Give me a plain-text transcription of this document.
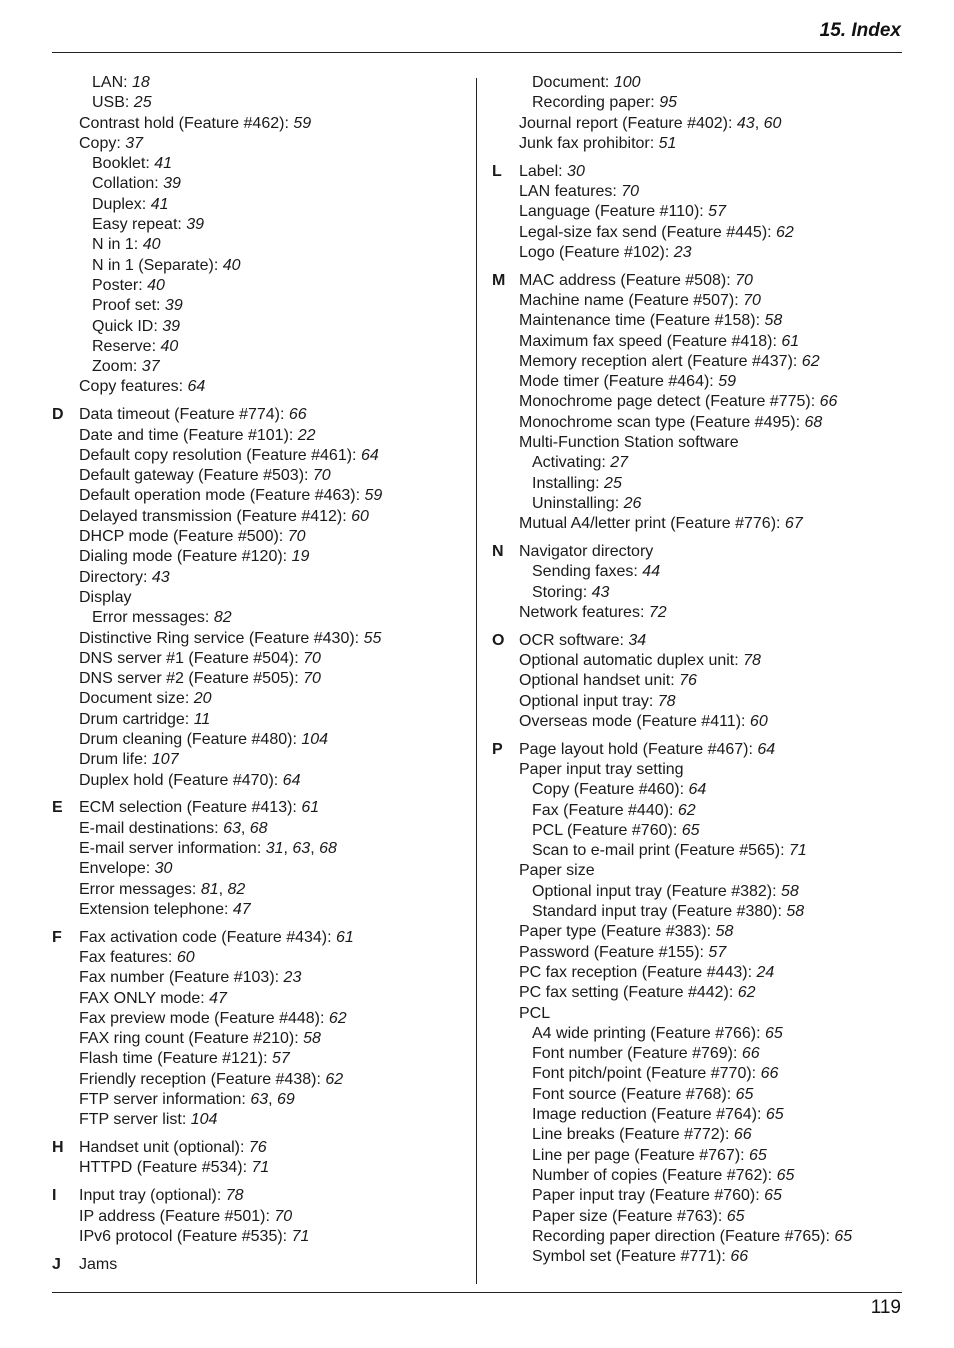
15. Index
LAN: 18
USB: 25
Contrast hold (Feature #462): 59
Copy: 37
Booklet: 41
Collation: 39
Duplex: 41
Easy repeat: 39
N in 1: 40
N in 1 (Separate): 40
Poster: 40
Proof set: 39
Quick ID: 39
Reserve: 40
Zoom: 37
Copy features: 64
D Data timeout (Feature #774): 66
Date and time (Feature #101): 22
Default copy resolution (Feature #461): 64
Default gateway (Feature #503): 70
Default operation mode (Feature #463): 59
Delayed transmission (Feature #412): 60
DHCP mode (Feature #500): 70
Dialing mode (Feature #120): 19
Directory: 43
Display
Error messages: 82
Distinctive Ring service (Feature #430): 55
DNS server #1 (Feature #504): 70
DNS server #2 (Feature #505): 70
Document size: 20
Drum cartridge: 11
Drum cleaning (Feature #480): 104
Drum life: 107
Duplex hold (Feature #470): 64
E ECM selection (Feature #413): 61
E-mail destinations: 63, 68
E-mail server information: 31, 63, 68
Envelope: 30
Error messages: 81, 82
Extension telephone: 47
F Fax activation code (Feature #434): 61
Fax features: 60
Fax number (Feature #103): 23
FAX ONLY mode: 47
Fax preview mode (Feature #448): 62
FAX ring count (Feature #210): 58
Flash time (Feature #121): 57
Friendly reception (Feature #438): 62
FTP server information: 63, 69
FTP server list: 104
H Handset unit (optional): 76
HTTPD (Feature #534): 71
I Input tray (optional): 78
IP address (Feature #501): 70
IPv6 protocol (Feature #535): 71
J Jams
Document: 100
Recording paper: 95
Journal report (Feature #402): 43, 60
Junk fax prohibitor: 51
L Label: 30
LAN features: 70
Language (Feature #110): 57
Legal-size fax send (Feature #445): 62
Logo (Feature #102): 23
M MAC address (Feature #508): 70
Machine name (Feature #507): 70
Maintenance time (Feature #158): 58
Maximum fax speed (Feature #418): 61
Memory reception alert (Feature #437): 62
Mode timer (Feature #464): 59
Monochrome page detect (Feature #775): 66
Monochrome scan type (Feature #495): 68
Multi-Function Station software
Activating: 27
Installing: 25
Uninstalling: 26
Mutual A4/letter print (Feature #776): 67
N Navigator directory
Sending faxes: 44
Storing: 43
Network features: 72
O OCR software: 34
Optional automatic duplex unit: 78
Optional handset unit: 76
Optional input tray: 78
Overseas mode (Feature #411): 60
P Page layout hold (Feature #467): 64
Paper input tray setting
Copy (Feature #460): 64
Fax (Feature #440): 62
PCL (Feature #760): 65
Scan to e-mail print (Feature #565): 71
Paper size
Optional input tray (Feature #382): 58
Standard input tray (Feature #380): 58
Paper type (Feature #383): 58
Password (Feature #155): 57
PC fax reception (Feature #443): 24
PC fax setting (Feature #442): 62
PCL
A4 wide printing (Feature #766): 65
Font number (Feature #769): 66
Font pitch/point (Feature #770): 66
Font source (Feature #768): 65
Image reduction (Feature #764): 65
Line breaks (Feature #772): 66
Line per page (Feature #767): 65
Number of copies (Feature #762): 65
Paper input tray (Feature #760): 65
Paper size (Feature #763): 65
Recording paper direction (Feature #765): 65
Symbol set (Feature #771): 66
119
